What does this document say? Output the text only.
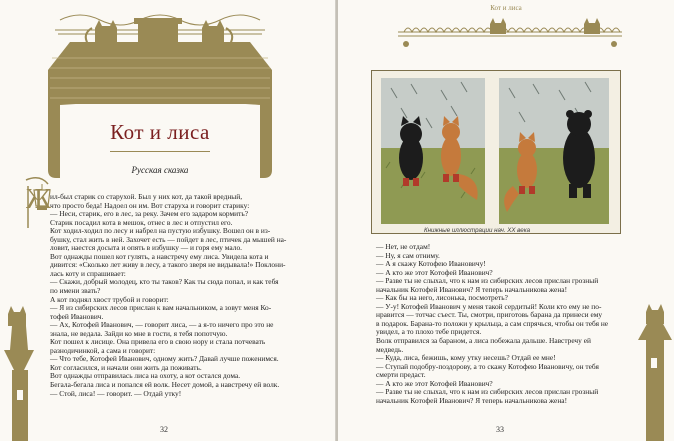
Кот и лиса
Русская сказка
Ж

ил-был старик со старухой. Был у них кот, да такой вредный,

что просто беда! Надоел он им. Вот старуха и говорит старику:

— Неси, старик, его в лес, за реку. Зачем его задаром кормить?

Старик посадил кота в мешок, отнес в лес и отпустил его.

Кот ходил-ходил по лесу и набрел на пустую избушку. Вошел он в из-

бушку, стал жить в ней. Захочет есть — пойдет в лес, птичек да мышей на-

ловит, наестся досыта и опять в избушку — и горя ему мало.

Вот однажды пошел кот гулять, а навстречу ему лиса. Увидела кота и

дивится: «Сколько лет живу в лесу, а такого зверя не видывала!» Поклони-

лась коту и спрашивает:

— Скажи, добрый молодец, кто ты таков? Как ты сюда попал, и как тебя

по имени звать?

А кот поднял хвост трубой и говорит:

— Я из сибирских лесов прислан к вам начальником, а зовут меня Ко-

тофей Иванович.

— Ах, Котофей Иванович, — говорит лиса, — а я-то ничего про это не

знала, не ведала. Зайди ко мне в гости, я тебя попотчую.

Кот пошел к лисице. Она привела его в свою нору и стала потчевать

разнодичинкой, а сама и говорит:

— Что тебе, Котофей Иванович, одному жить? Давай лучше поженимся.

Кот согласился, и начали они жить да поживать.

Вот однажды отправилась лиса на охоту, а кот остался дома.

Бегала-бегала лиса и попался ей волк. Несет домой, а навстречу ей волк.

— Стой, лиса! — говорит. — Отдай утку!

32
Кот и лиса
Книжные иллюстрации нач. XX века

— Нет, не отдам!

— Ну, я сам отниму.

— А я скажу Котофею Ивановичу!

— А кто же этот Котофей Иванович?

— Разве ты не слыхал, что к нам из сибирских лесов прислан грозный

начальник Котофей Иванович? Я теперь начальникова жена!

— Как бы на него, лисонька, посмотреть?

— У-у! Котофей Иванович у меня такой сердитый! Коли кто ему не по-

нравится — тотчас съест. Ты, смотри, приготовь барана да принеси ему

в подарок. Барана-то положи у крыльца, а сам спрячься, чтобы он тебя не

увидел, а то плохо тебе придется.

Волк отправился за бараном, а лиса побежала дальше. Навстречу ей

медведь.

— Куда, лиса, бежишь, кому утку несешь? Отдай ее мне!

— Ступай подобру-поздорову, а то скажу Котофею Ивановичу, он тебя

смерти предаст.

— А кто же этот Котофей Иванович?

— Разве ты не слыхал, что к нам из сибирских лесов прислан грозный

начальник Котофей Иванович? Я теперь начальникова жена!

33
